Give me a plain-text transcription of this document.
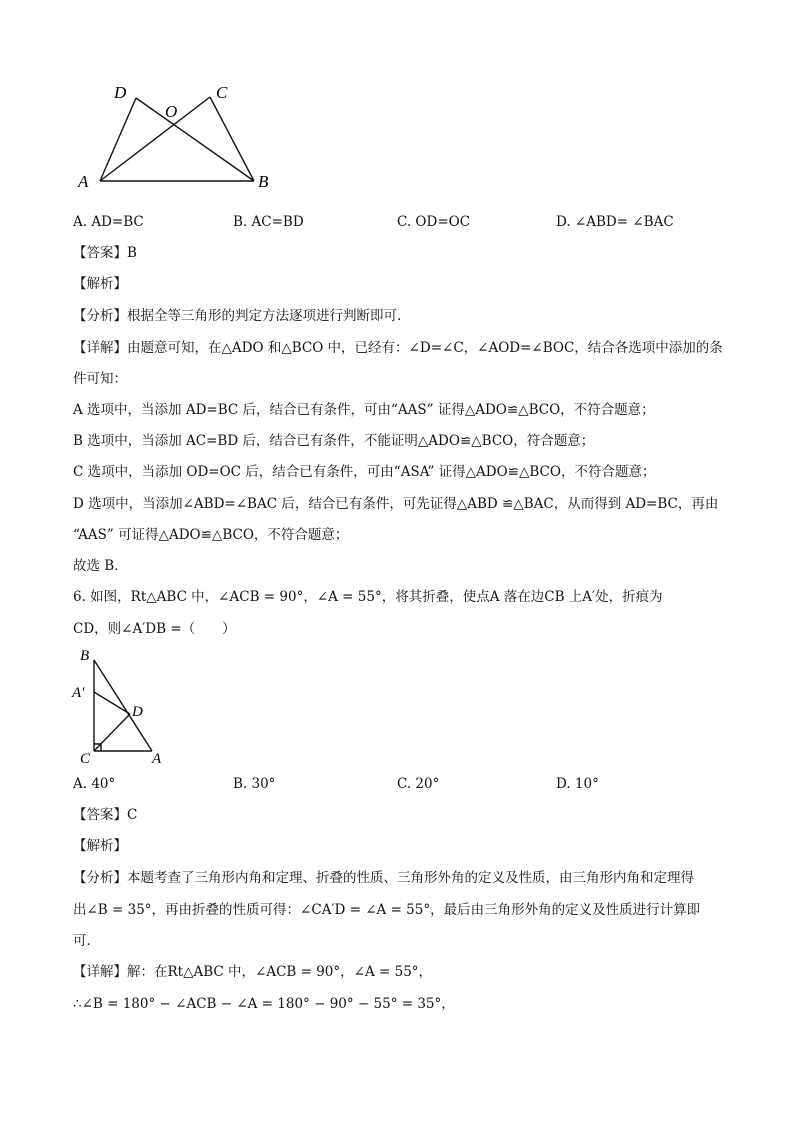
D	C
O
A	B
A. AD=BC	B. AC=BD	C. OD=OC	D. ∠ABD= ∠BAC
【答案】B
【解析】
【分析】根据全等三角形的判定方法逐项进行判断即可.
【详解】由题意可知，在△ADO 和△BCO 中，已经有：∠D=∠C，∠AOD=∠BOC，结合各选项中添加的条
件可知：
A 选项中，当添加 AD=BC 后，结合已有条件，可由“AAS” 证得△ADO≌△BCO，不符合题意；
B 选项中，当添加 AC=BD 后，结合已有条件，不能证明△ADO≌△BCO，符合题意；
C 选项中，当添加 OD=OC 后，结合已有条件，可由“ASA” 证得△ADO≌△BCO，不符合题意；
D 选项中，当添加∠ABD=∠BAC 后，结合已有条件，可先证得△ABD ≌△BAC，从而得到 AD=BC，再由
“AAS” 可证得△ADO≌△BCO，不符合题意；
故选 B．
6. 如图，Rt△ABC 中，∠ACB = 90°，∠A = 55°，将其折叠，使点A 落在边CB 上A′处，折痕为
CD，则∠A′DB =（　　）
B
A′
D
C	A
A. 40°	B. 30°	C. 20°	D. 10°
【答案】C
【解析】
【分析】本题考查了三角形内角和定理、折叠的性质、三角形外角的定义及性质，由三角形内角和定理得
出∠B = 35°，再由折叠的性质可得：∠CA′D = ∠A = 55°，最后由三角形外角的定义及性质进行计算即
可．
【详解】解：在Rt△ABC 中，∠ACB = 90°，∠A = 55°，
∴∠B = 180° − ∠ACB − ∠A = 180° − 90° − 55° = 35°，
